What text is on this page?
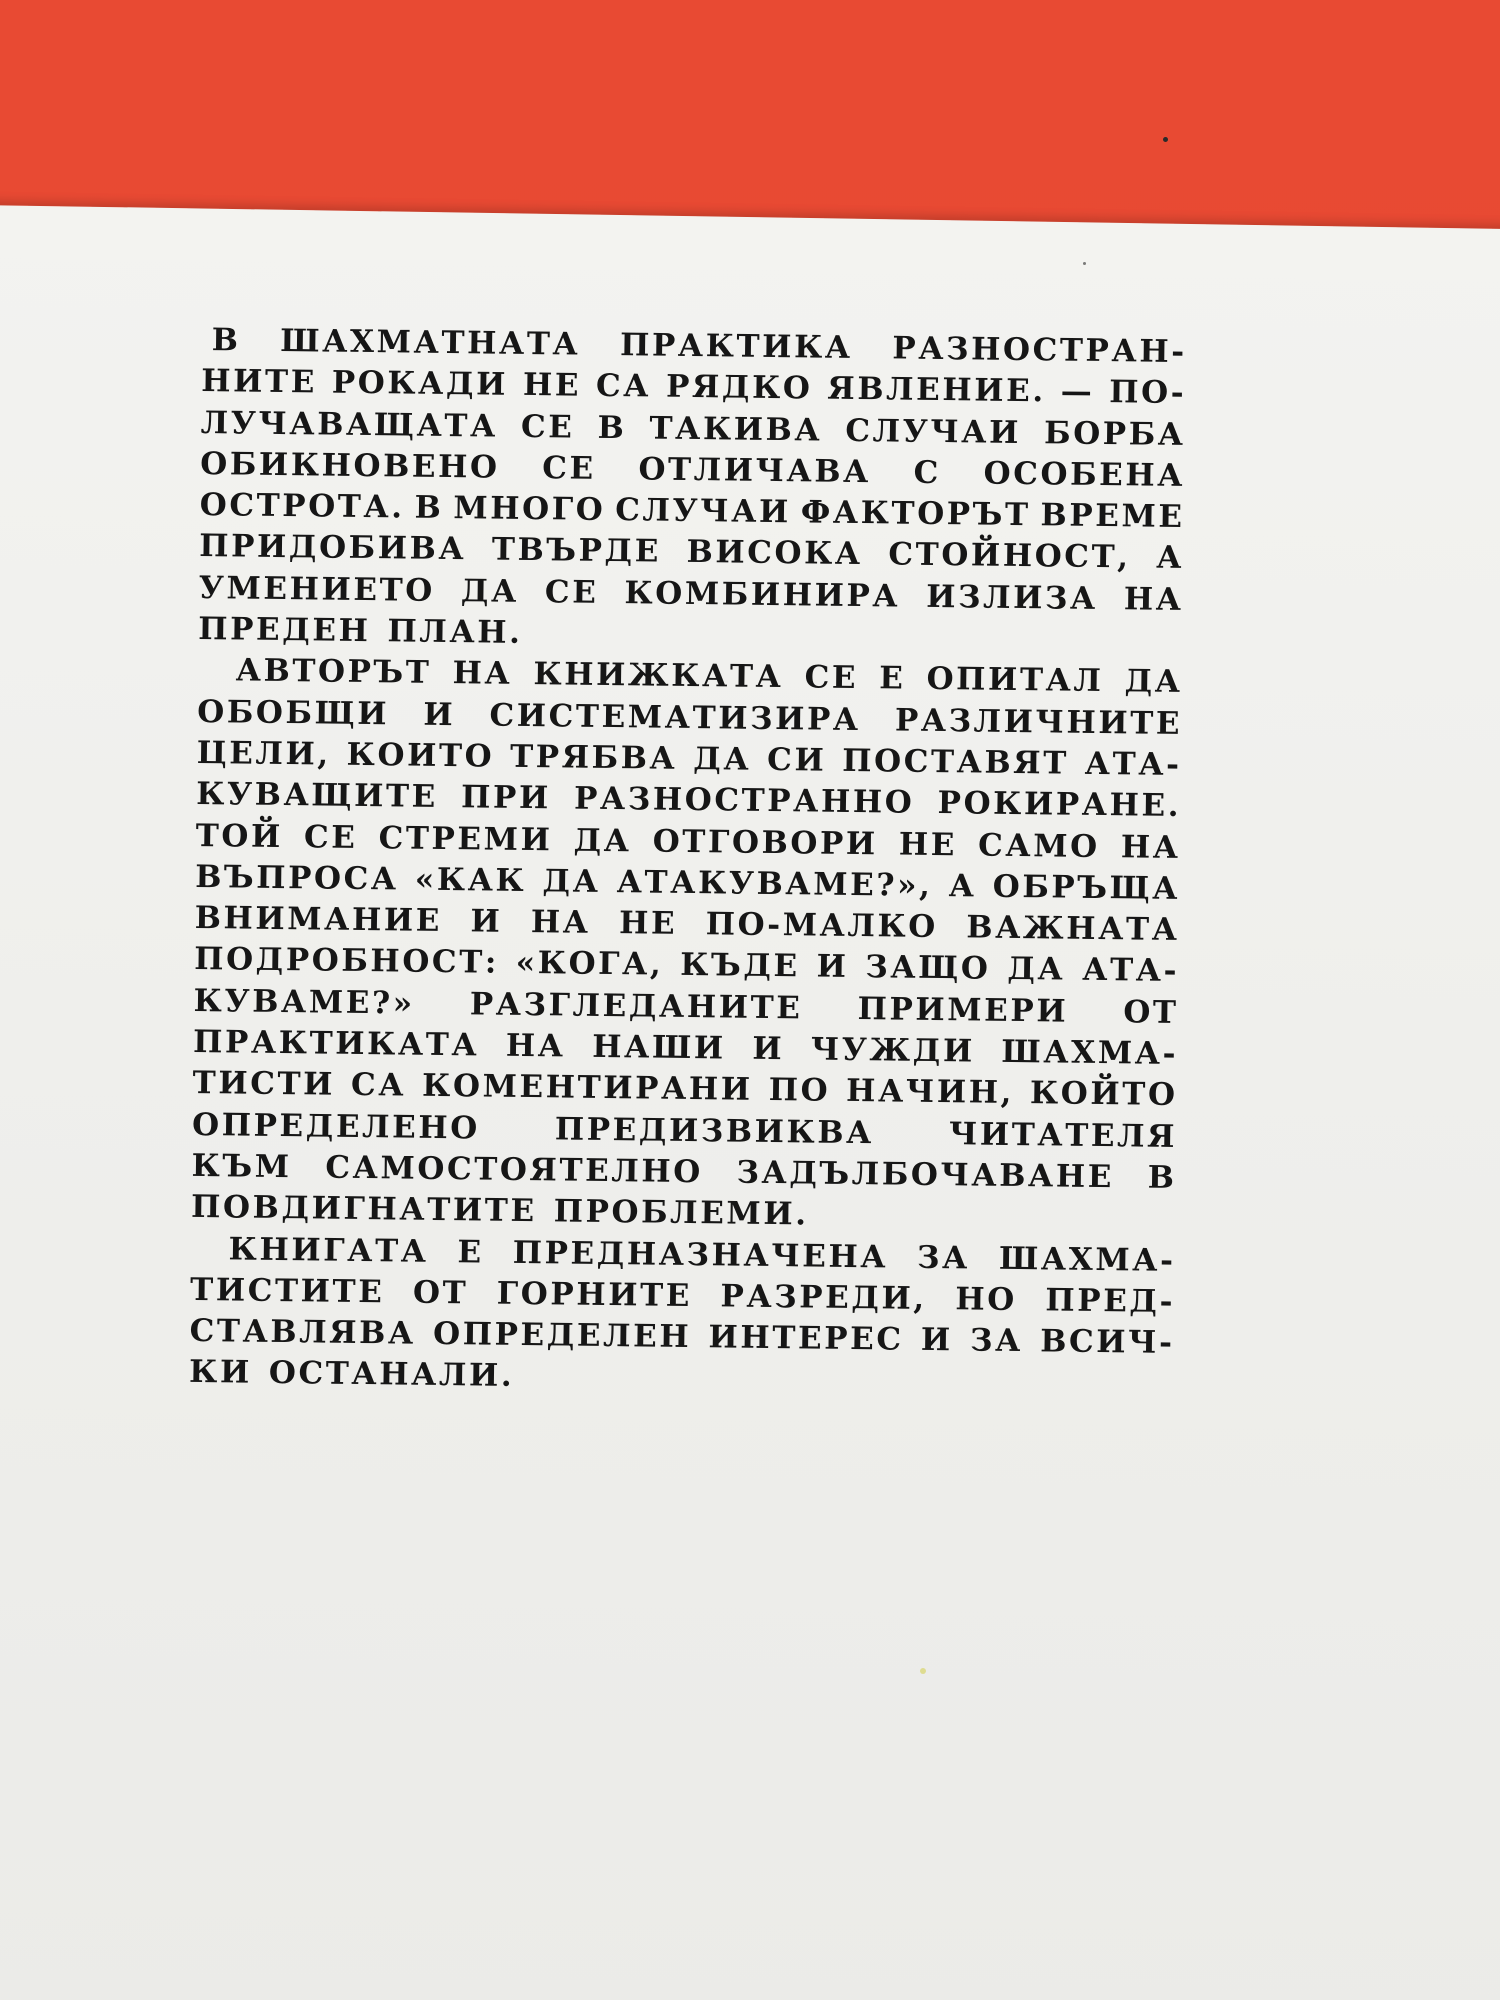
В ШАХМАТНАТА ПРАКТИКА РАЗНОСТРАН-
НИТЕ РОКАДИ НЕ СА РЯДКО ЯВЛЕНИЕ. — ПО-
ЛУЧАВАЩАТА СЕ В ТАКИВА СЛУЧАИ БОРБА
ОБИКНОВЕНО СЕ ОТЛИЧАВА С ОСОБЕНА
ОСТРОТА. В МНОГО СЛУЧАИ ФАКТОРЪТ ВРЕМЕ
ПРИДОБИВА ТВЪРДЕ ВИСОКА СТОЙНОСТ, А
УМЕНИЕТО ДА СЕ КОМБИНИРА ИЗЛИЗА НА
ПРЕДЕН ПЛАН.
АВТОРЪТ НА КНИЖКАТА СЕ Е ОПИТАЛ ДА
ОБОБЩИ И СИСТЕМАТИЗИРА РАЗЛИЧНИТЕ
ЦЕЛИ, КОИТО ТРЯБВА ДА СИ ПОСТАВЯТ АТА-
КУВАЩИТЕ ПРИ РАЗНОСТРАННО РОКИРАНЕ.
ТОЙ СЕ СТРЕМИ ДА ОТГОВОРИ НЕ САМО НА
ВЪПРОСА «КАК ДА АТАКУВАМЕ?», А ОБРЪЩА
ВНИМАНИЕ И НА НЕ ПО-МАЛКО ВАЖНАТА
ПОДРОБНОСТ: «КОГА, КЪДЕ И ЗАЩО ДА АТА-
КУВАМЕ?» РАЗГЛЕДАНИТЕ ПРИМЕРИ ОТ
ПРАКТИКАТА НА НАШИ И ЧУЖДИ ШАХМА-
ТИСТИ СА КОМЕНТИРАНИ ПО НАЧИН, КОЙТО
ОПРЕДЕЛЕНО ПРЕДИЗВИКВА ЧИТАТЕЛЯ
КЪМ САМОСТОЯТЕЛНО ЗАДЪЛБОЧАВАНЕ В
ПОВДИГНАТИТЕ ПРОБЛЕМИ.
КНИГАТА Е ПРЕДНАЗНАЧЕНА ЗА ШАХМА-
ТИСТИТЕ ОТ ГОРНИТЕ РАЗРЕДИ, НО ПРЕД-
СТАВЛЯВА ОПРЕДЕЛЕН ИНТЕРЕС И ЗА ВСИЧ-
КИ ОСТАНАЛИ.
